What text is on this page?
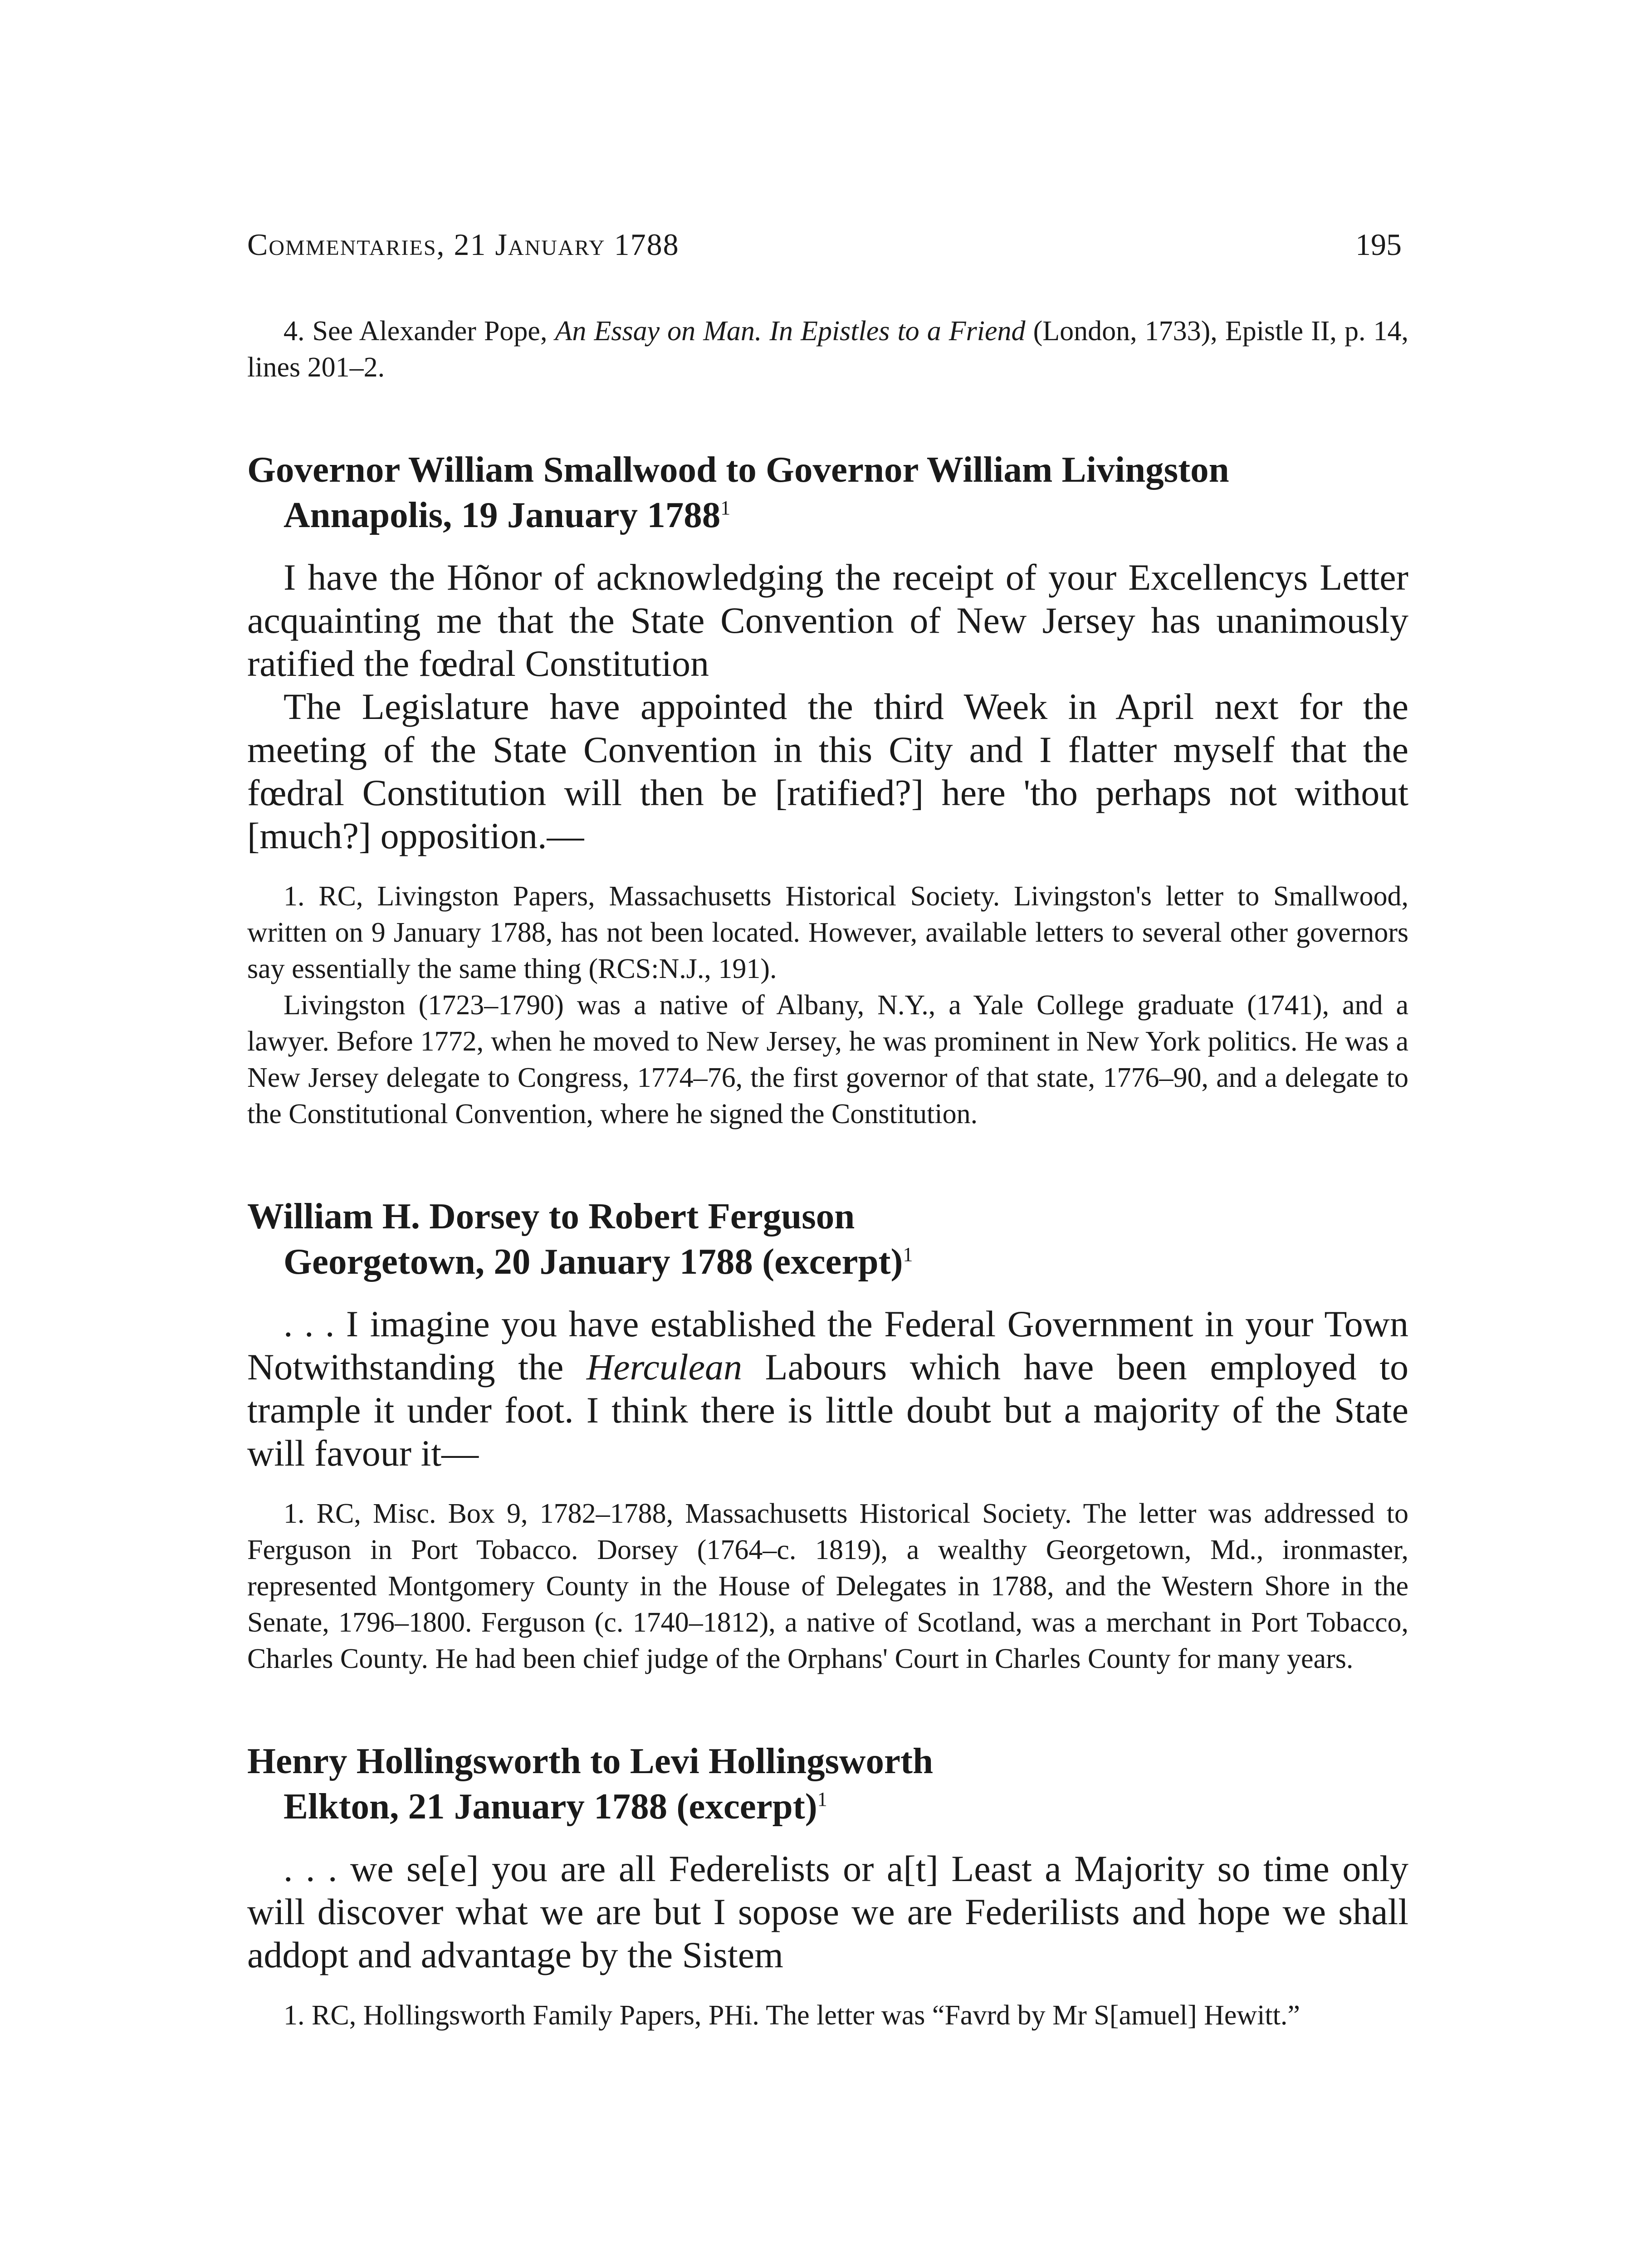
Commentaries, 21 January 1788	195

4. See Alexander Pope, An Essay on Man. In Epistles to a Friend (London, 1733), Epistle II, p. 14, lines 201–2.

Governor William Smallwood to Governor William Livingston
Annapolis, 19 January 1788$^1$

I have the Hõnor of acknowledging the receipt of your Excellencys Letter acquainting me that the State Convention of New Jersey has unanimously ratified the fœdral Constitution

The Legislature have appointed the third Week in April next for the meeting of the State Convention in this City and I flatter myself that the fœdral Constitution will then be [ratified?] here 'tho perhaps not without [much?] opposition.—

1. RC, Livingston Papers, Massachusetts Historical Society. Livingston's letter to Smallwood, written on 9 January 1788, has not been located. However, available letters to several other governors say essentially the same thing (RCS:N.J., 191).

Livingston (1723–1790) was a native of Albany, N.Y., a Yale College graduate (1741), and a lawyer. Before 1772, when he moved to New Jersey, he was prominent in New York politics. He was a New Jersey delegate to Congress, 1774–76, the first governor of that state, 1776–90, and a delegate to the Constitutional Convention, where he signed the Constitution.

William H. Dorsey to Robert Ferguson
Georgetown, 20 January 1788 (excerpt)$^1$

. . . I imagine you have established the Federal Government in your Town Notwithstanding the Herculean Labours which have been employed to trample it under foot. I think there is little doubt but a majority of the State will favour it—

1. RC, Misc. Box 9, 1782–1788, Massachusetts Historical Society. The letter was addressed to Ferguson in Port Tobacco. Dorsey (1764–c. 1819), a wealthy Georgetown, Md., ironmaster, represented Montgomery County in the House of Delegates in 1788, and the Western Shore in the Senate, 1796–1800. Ferguson (c. 1740–1812), a native of Scotland, was a merchant in Port Tobacco, Charles County. He had been chief judge of the Orphans' Court in Charles County for many years.

Henry Hollingsworth to Levi Hollingsworth
Elkton, 21 January 1788 (excerpt)$^1$

. . . we se[e] you are all Federelists or a[t] Least a Majority so time only will discover what we are but I sopose we are Federilists and hope we shall addopt and advantage by the Sistem

1. RC, Hollingsworth Family Papers, PHi. The letter was “Favrd by Mr S[amuel] Hewitt.”
